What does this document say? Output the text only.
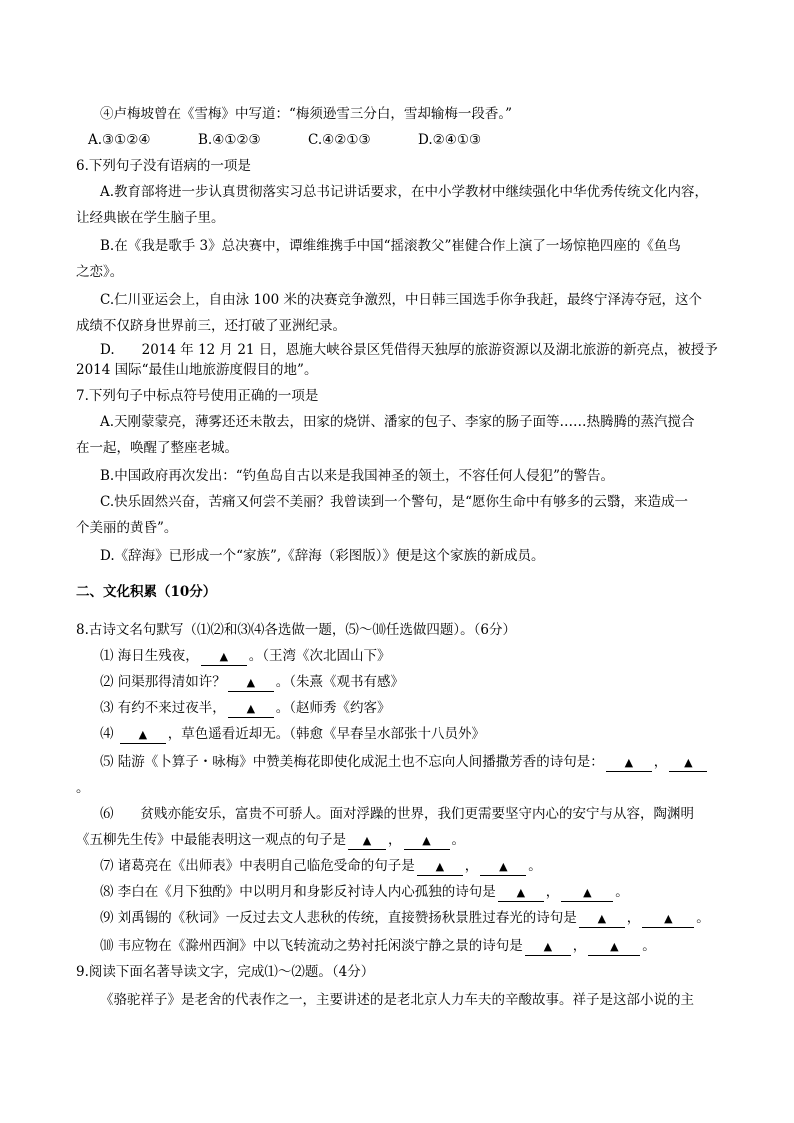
④卢梅坡曾在《雪梅》中写道：“梅须逊雪三分白，雪却输梅一段香。”
A.③①②④	B.④①②③	C.④②①③	D.②④①③
6.下列句子没有语病的一项是
A.教育部将进一步认真贯彻落实习总书记讲话要求，在中小学教材中继续强化中华优秀传统文化内容，
让经典嵌在学生脑子里。
B.在《我是歌手 3》总决赛中，谭维维携手中国“摇滚教父”崔健合作上演了一场惊艳四座的《鱼鸟
之恋》。
C.仁川亚运会上，自由泳 100 米的决赛竞争激烈，中日韩三国选手你争我赶，最终宁泽涛夺冠，这个
成绩不仅跻身世界前三，还打破了亚洲纪录。
D.　　2014 年 12 月 21 日，恩施大峡谷景区凭借得天独厚的旅游资源以及湖北旅游的新亮点，被授予
2014 国际“最佳山地旅游度假目的地”。
7.下列句子中标点符号使用正确的一项是
A.天刚蒙蒙亮，薄雾还还未散去，田家的烧饼、潘家的包子、李家的肠子面等……热腾腾的蒸汽搅合
在一起，唤醒了整座老城。
B.中国政府再次发出：“钓鱼岛自古以来是我国神圣的领土，不容任何人侵犯”的警告。
C.快乐固然兴奋，苦痛又何尝不美丽？我曾读到一个警句，是“愿你生命中有够多的云翳，来造成一
个美丽的黄昏”。
D.《辞海》已形成一个“家族”,《辞海（彩图版）》便是这个家族的新成员。
二、文化积累（10分）
8.古诗文名句默写（⑴⑵和⑶⑷各选做一题，⑸～⑽任选做四题）。（6分）
⑴ 海日生残夜， ▲ 。（王湾《次北固山下》
⑵ 问渠那得清如许？ ▲ 。（朱熹《观书有感》
⑶ 有约不来过夜半， ▲ 。（赵师秀《约客》
⑷ ▲ ，草色遥看近却无。（韩愈《早春呈水部张十八员外》
⑸ 陆游《卜算子・咏梅》中赞美梅花即使化成泥土也不忘向人间播撒芳香的诗句是： ▲ ， ▲
。
⑹　　贫贱亦能安乐，富贵不可骄人。面对浮躁的世界，我们更需要坚守内心的安宁与从容，陶渊明
《五柳先生传》中最能表明这一观点的句子是 ▲ ， ▲ 。
⑺ 诸葛亮在《出师表》中表明自己临危受命的句子是 ▲ ， ▲ 。
⑻ 李白在《月下独酌》中以明月和身影反衬诗人内心孤独的诗句是 ▲ ， ▲ 。
⑼ 刘禹锡的《秋词》一反过去文人悲秋的传统，直接赞扬秋景胜过春光的诗句是 ▲ ， ▲ 。
⑽ 韦应物在《滁州西涧》中以飞转流动之势衬托闲淡宁静之景的诗句是 ▲ ， ▲ 。
9.阅读下面名著导读文字，完成⑴～⑵题。（4分）
《骆驼祥子》是老舍的代表作之一，主要讲述的是老北京人力车夫的辛酸故事。祥子是这部小说的主
